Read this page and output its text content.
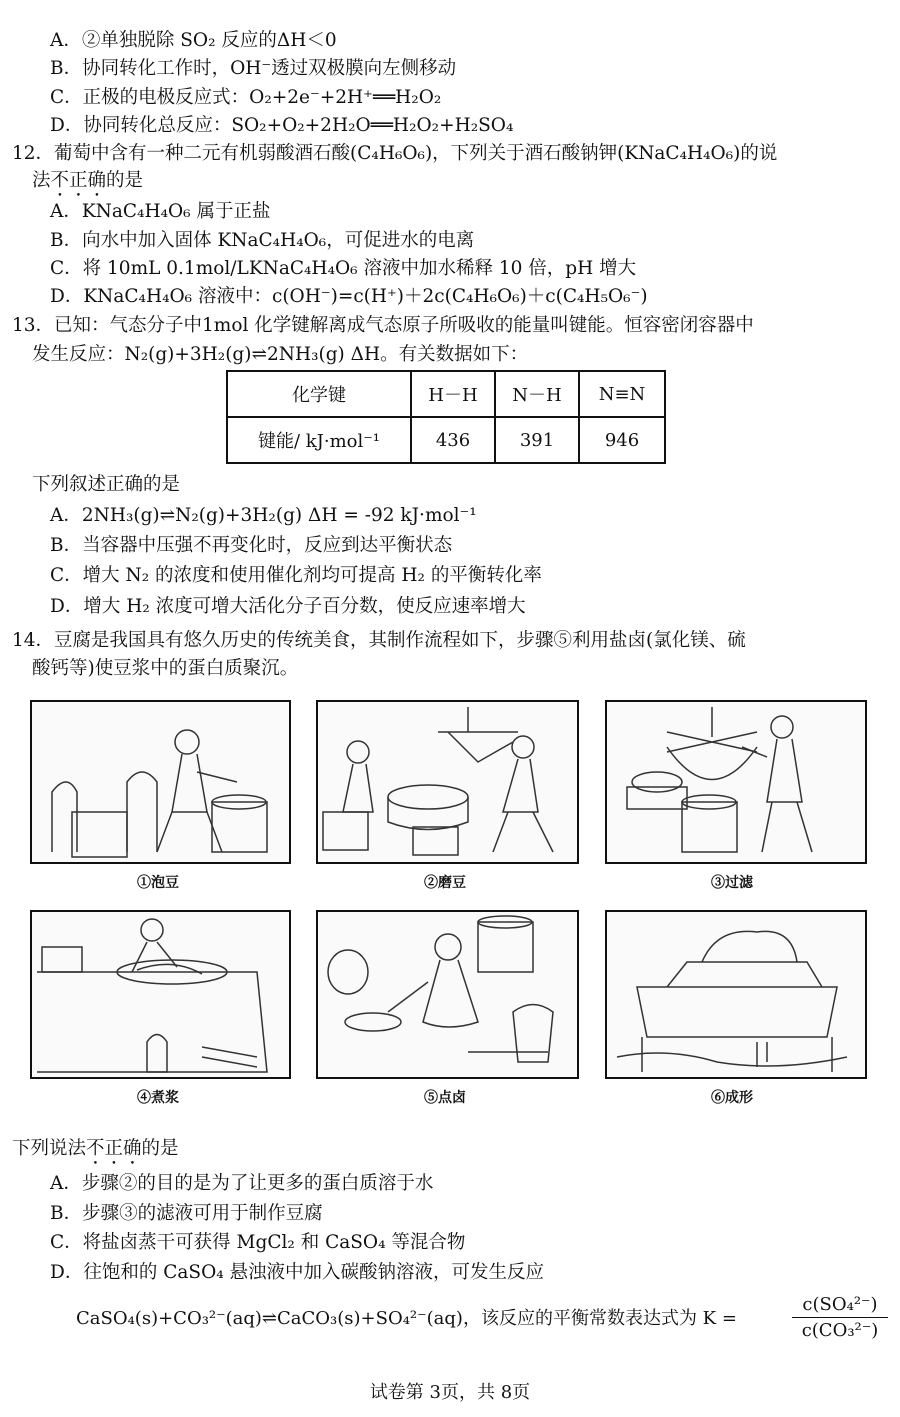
A．②单独脱除 SO₂ 反应的ΔH＜0
B．协同转化工作时，OH⁻透过双极膜向左侧移动
C．正极的电极反应式：O₂+2e⁻+2H⁺══H₂O₂
D．协同转化总反应：SO₂+O₂+2H₂O══H₂O₂+H₂SO₄
12．葡萄中含有一种二元有机弱酸酒石酸(C₄H₆O₆)，下列关于酒石酸钠钾(KNaC₄H₄O₆)的说
法不正确的是
A．KNaC₄H₄O₆ 属于正盐
B．向水中加入固体 KNaC₄H₄O₆，可促进水的电离
C．将 10mL 0.1mol/LKNaC₄H₄O₆ 溶液中加水稀释 10 倍，pH 增大
D．KNaC₄H₄O₆ 溶液中：c(OH⁻)=c(H⁺)＋2c(C₄H₆O₆)＋c(C₄H₅O₆⁻)
13．已知：气态分子中1mol 化学键解离成气态原子所吸收的能量叫键能。恒容密闭容器中
发生反应：N₂(g)+3H₂(g)⇌2NH₃(g) ΔH。有关数据如下：
化学键	H－H	N－H	N≡N
键能/ kJ·mol⁻¹	436	391	946
下列叙述正确的是
A．2NH₃(g)⇌N₂(g)+3H₂(g) ΔH = -92 kJ·mol⁻¹
B．当容器中压强不再变化时，反应到达平衡状态
C．增大 N₂ 的浓度和使用催化剂均可提高 H₂ 的平衡转化率
D．增大 H₂ 浓度可增大活化分子百分数，使反应速率增大
14．豆腐是我国具有悠久历史的传统美食，其制作流程如下，步骤⑤利用盐卤(氯化镁、硫
酸钙等)使豆浆中的蛋白质聚沉。
①泡豆	②磨豆	③过滤
④煮浆	⑤点卤	⑥成形
下列说法不正确的是
A．步骤②的目的是为了让更多的蛋白质溶于水
B．步骤③的滤液可用于制作豆腐
C．将盐卤蒸干可获得 MgCl₂ 和 CaSO₄ 等混合物
D．往饱和的 CaSO₄ 悬浊液中加入碳酸钠溶液，可发生反应
CaSO₄(s)+CO₃²⁻(aq)⇌CaCO₃(s)+SO₄²⁻(aq)，该反应的平衡常数表达式为 K =
c(SO₄²⁻)
c(CO₃²⁻)
试卷第 3页，共 8页
